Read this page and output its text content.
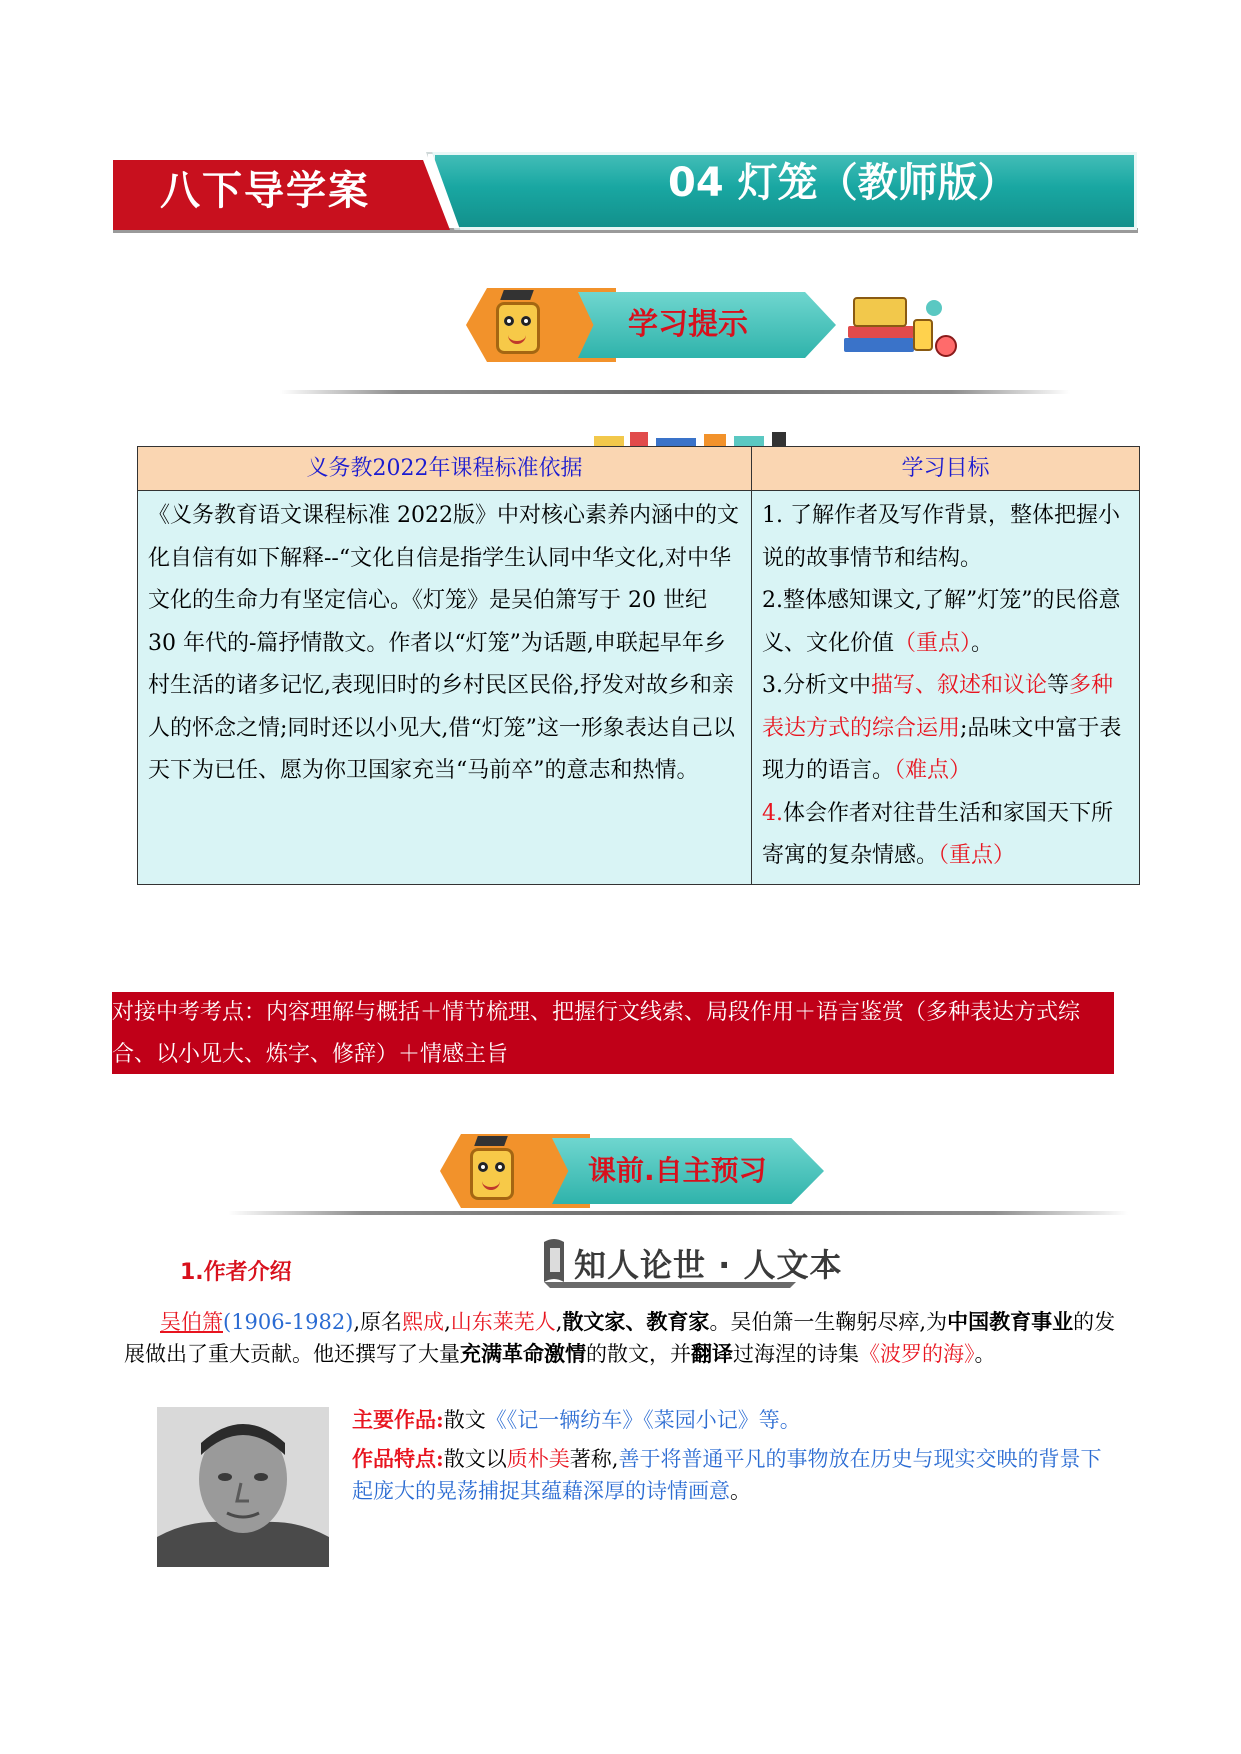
八下导学案	04 灯笼（教师版）
学习提示
义务教2022年课程标准依据	学习目标
《义务教育语文课程标准 2022版》中对核心素养内涵中的文化自信有如下解释--“文化自信是指学生认同中华文化,对中华文化的生命力有坚定信心。《灯笼》是吴伯箫写于 20 世纪 30 年代的-篇抒情散文。作者以“灯笼”为话题,申联起早年乡村生活的诸多记忆,表现旧时的乡村民区民俗,抒发对故乡和亲人的怀念之情;同时还以小见大,借“灯笼”这一形象表达自己以天下为已任、愿为你卫国家充当“马前卒”的意志和热情。	1. 了解作者及写作背景，整体把握小说的故事情节和结构。
2.整体感知课文,了解”灯笼”的民俗意义、文化价值（重点）。
3.分析文中描写、叙述和议论等多种表达方式的综合运用;品味文中富于表现力的语言。（难点）
4.体会作者对往昔生活和家国天下所寄寓的复杂情感。（重点）
对接中考考点：内容理解与概括＋情节梳理、把握行文线索、局段作用＋语言鉴赏（多种表达方式综合、以小见大、炼字、修辞）＋情感主旨
课前.自主预习
1.作者介绍	知人论世 · 人文本
吴伯箫(1906-1982),原名熙成,山东莱芜人,散文家、教育家。吴伯箫一生鞠躬尽瘁,为中国教育事业的发展做出了重大贡献。他还撰写了大量充满革命激情的散文，并翻译过海涅的诗集《波罗的海》。
主要作品:散文《《记一辆纺车》《菜园小记》等。
作品特点:散文以质朴美著称,善于将普通平凡的事物放在历史与现实交映的背景下起庞大的晃荡捕捉其蕴藉深厚的诗情画意。
